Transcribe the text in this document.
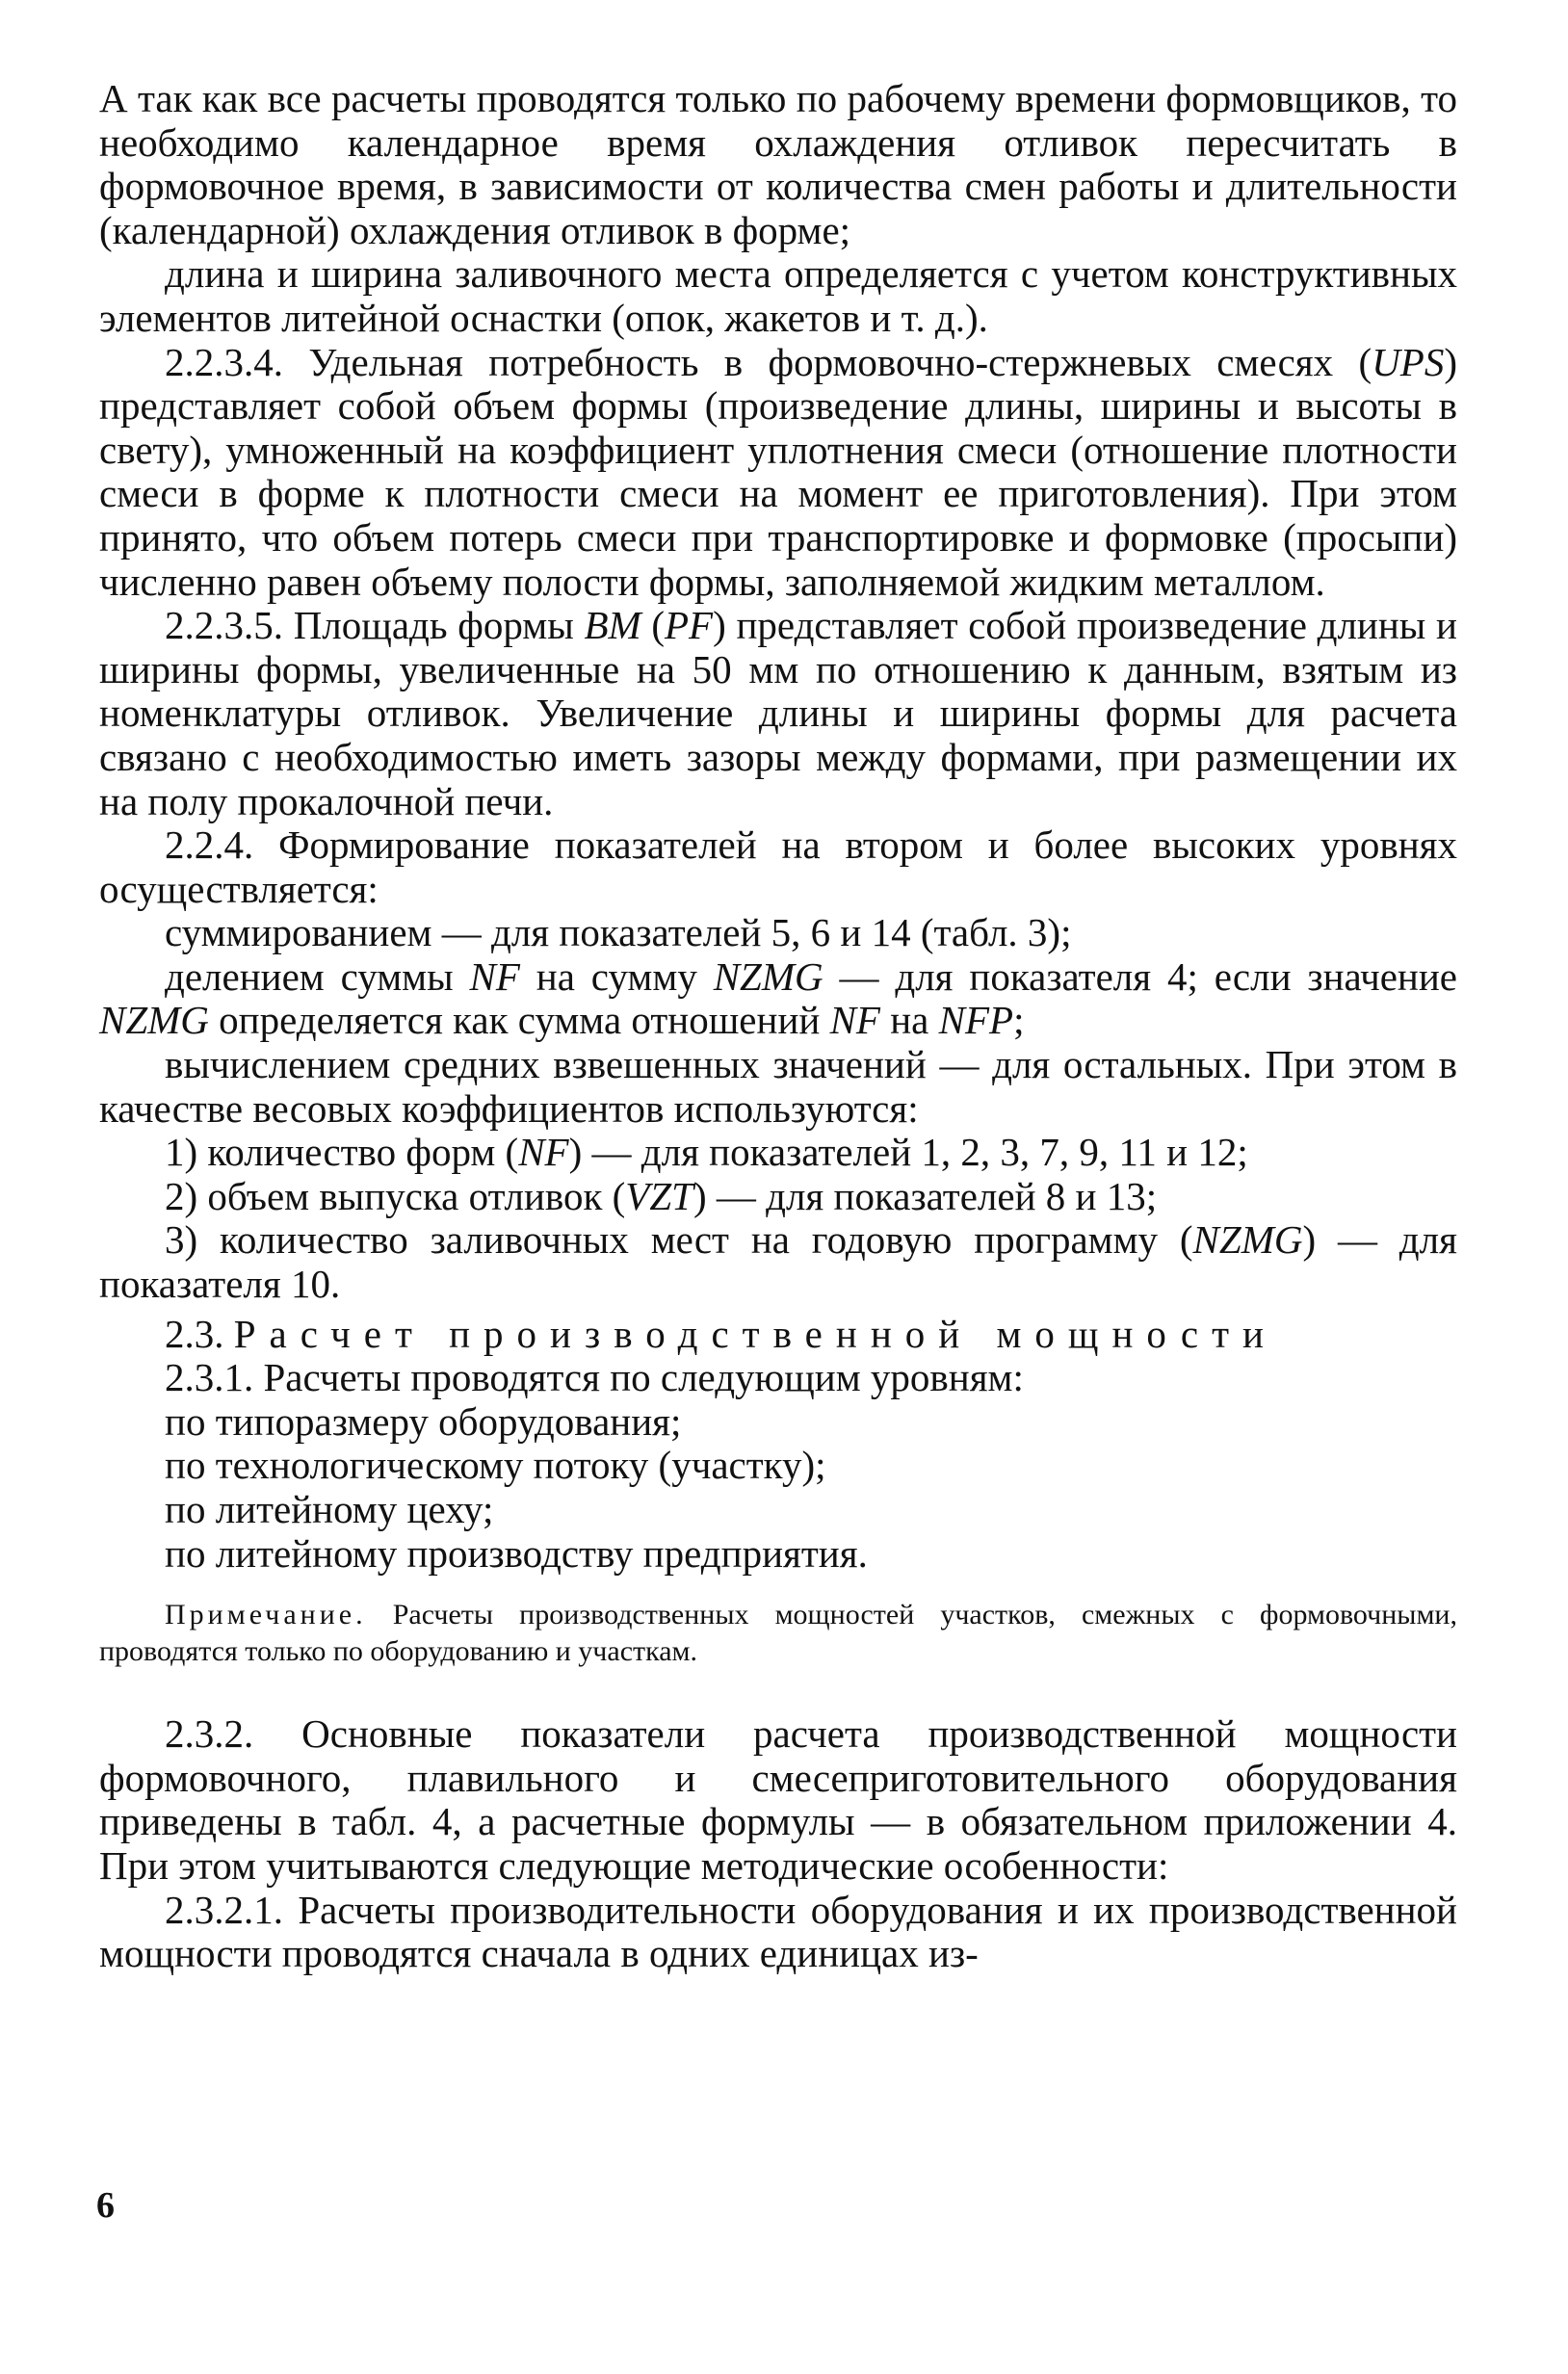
А так как все расчеты проводятся только по рабочему времени формовщиков, то необходимо календарное время охлаждения отливок пересчитать в формовочное время, в зависимости от количества смен работы и длительности (календарной) охлаждения отливок в форме;

длина и ширина заливочного места определяется с учетом конструктивных элементов литейной оснастки (опок, жакетов и т. д.).

2.2.3.4. Удельная потребность в формовочно-стержневых смесях (UPS) представляет собой объем формы (произведение длины, ширины и высоты в свету), умноженный на коэффициент уплотнения смеси (отношение плотности смеси в форме к плотности смеси на момент ее приготовления). При этом принято, что объем потерь смеси при транспортировке и формовке (просыпи) численно равен объему полости формы, заполняемой жидким металлом.

2.2.3.5. Площадь формы BM (PF) представляет собой произведение длины и ширины формы, увеличенные на 50 мм по отношению к данным, взятым из номенклатуры отливок. Увеличение длины и ширины формы для расчета связано с необходимостью иметь зазоры между формами, при размещении их на полу прокалочной печи.

2.2.4. Формирование показателей на втором и более высоких уровнях осуществляется:

суммированием — для показателей 5, 6 и 14 (табл. 3);

делением суммы NF на сумму NZMG — для показателя 4; если значение NZMG определяется как сумма отношений NF на NFP;

вычислением средних взвешенных значений — для остальных. При этом в качестве весовых коэффициентов используются:

1) количество форм (NF) — для показателей 1, 2, 3, 7, 9, 11 и 12;

2) объем выпуска отливок (VZT) — для показателей 8 и 13;

3) количество заливочных мест на годовую программу (NZMG) — для показателя 10.

2.3. Расчет производственной мощности

2.3.1. Расчеты проводятся по следующим уровням:

по типоразмеру оборудования;

по технологическому потоку (участку);

по литейному цеху;

по литейному производству предприятия.

Примечание. Расчеты производственных мощностей участков, смежных с формовочными, проводятся только по оборудованию и участкам.

2.3.2. Основные показатели расчета производственной мощности формовочного, плавильного и смесеприготовительного оборудования приведены в табл. 4, а расчетные формулы — в обязательном приложении 4. При этом учитываются следующие методические особенности:

2.3.2.1. Расчеты производительности оборудования и их производственной мощности проводятся сначала в одних единицах из-

6
